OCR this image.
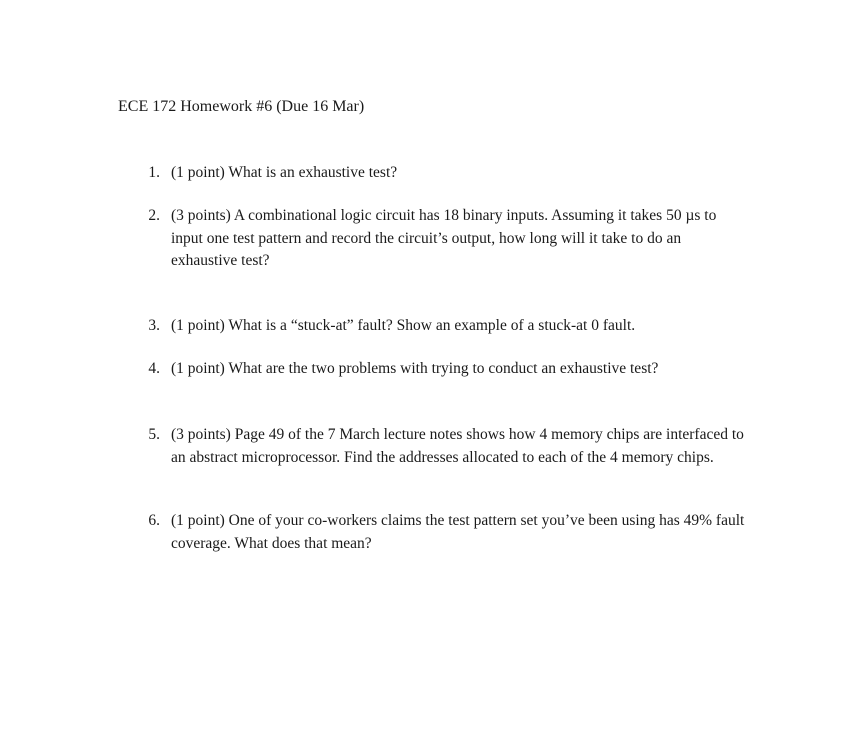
ECE 172 Homework #6 (Due 16 Mar)
1. (1 point) What is an exhaustive test?
2. (3 points) A combinational logic circuit has 18 binary inputs. Assuming it takes 50 µs to input one test pattern and record the circuit’s output, how long will it take to do an exhaustive test?
3. (1 point) What is a “stuck-at” fault? Show an example of a stuck-at 0 fault.
4. (1 point) What are the two problems with trying to conduct an exhaustive test?
5. (3 points) Page 49 of the 7 March lecture notes shows how 4 memory chips are interfaced to an abstract microprocessor. Find the addresses allocated to each of the 4 memory chips.
6. (1 point) One of your co-workers claims the test pattern set you’ve been using has 49% fault coverage. What does that mean?
